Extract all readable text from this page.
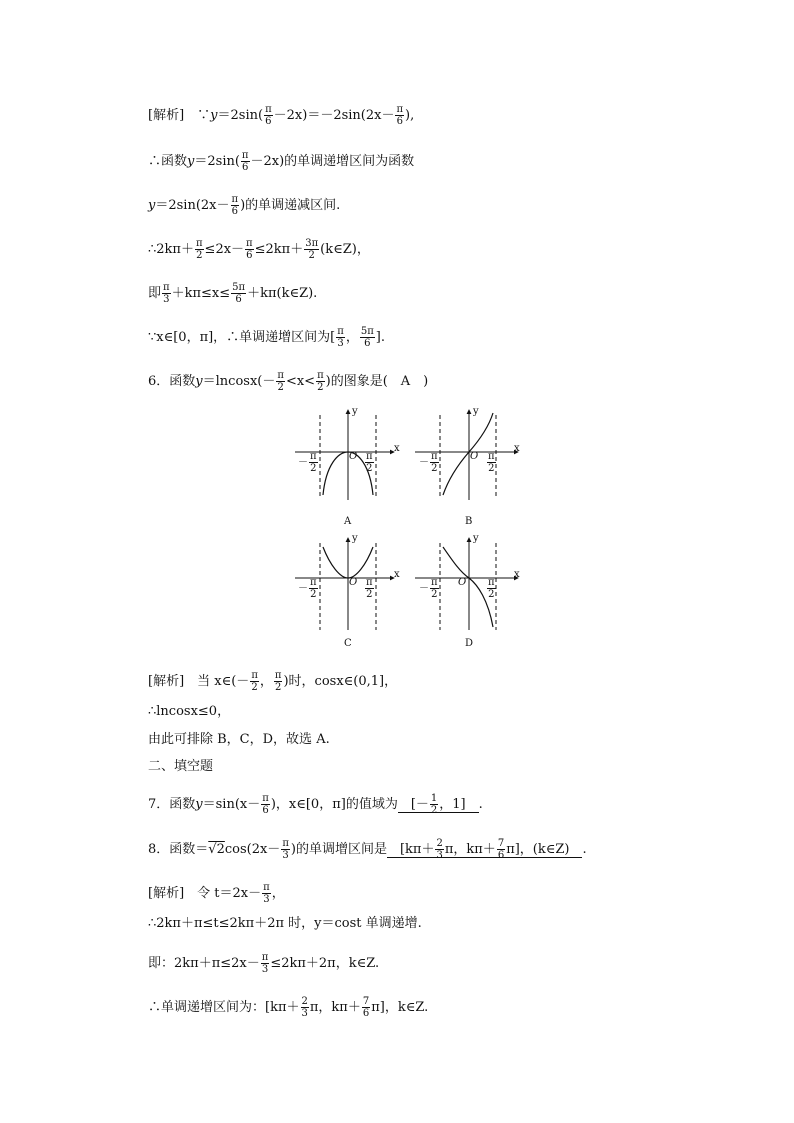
[解析]　∵y＝2sin( $\frac{\pi}{6} -2x)=-2\sin(2x- \frac{\pi}{6}$ ),
∴函数$y=2\sin( \frac{\pi}{6} -2x)$的单调递增区间为函数
$y=2\sin(2x- \frac{\pi}{6}$ )的单调递减区间.
∴2kπ＋ $\frac{\pi}{2} \le 2x- \frac{\pi}{6} \le 2k\pi+ \frac{3\pi}{2}$ (k∈Z)，
即 $\frac{\pi}{3} +k\pi\le x\le \frac{5\pi}{6}$ ＋kπ(k∈Z).
∵x∈[0，π]，∴单调递增区间为[ $\frac{\pi}{3}$ ， $\frac{5\pi}{6}$ ].
6．函数$y=lncosx(- \frac{\pi}{2} <x< \frac{\pi}{2}$ )的图象是(　A　)
y
x
O
－ $\frac{\pi}{2}$	$\frac{\pi}{2}$
A
y
x
O
－ $\frac{\pi}{2}$	$\frac{\pi}{2}$
B
y
x
O
－ $\frac{\pi}{2}$	$\frac{\pi}{2}$
C
y
x
O
－ $\frac{\pi}{2}$	$\frac{\pi}{2}$
D
[解析]　当 x∈(－ $\frac{\pi}{2}$ ， $\frac{\pi}{2}$ )时，cosx∈(0,1]，
∴lncosx≤0，
由此可排除 B，C，D，故选 A.
二、填空题
7．函数$y=\sin(x- \frac{\pi}{6}$ )，x∈[0，π]的值域为  [－ $\frac{1}{2}$ ，1]  .
8．函数$=√2\cos(2x- \frac{\pi}{3}$ )的单调增区间是  [$k\pi+ \frac{2}{3}$ π，$k\pi+ \frac{7}{6} \pi$]，(k∈Z)  .
[解析]　令 $t=2x- \frac{\pi}{3}$ ，
∴2kπ＋π≤t≤2kπ＋2π 时，y＝cost 单调递增.
即：$2k\pi+\pi\le 2x- \frac{\pi}{3} \le 2k\pi+2\pi$，k∈Z.
∴单调递增区间为：[$k\pi+ \frac{2}{3}$ π，$k\pi+ \frac{7}{6} \pi$]，k∈Z.
